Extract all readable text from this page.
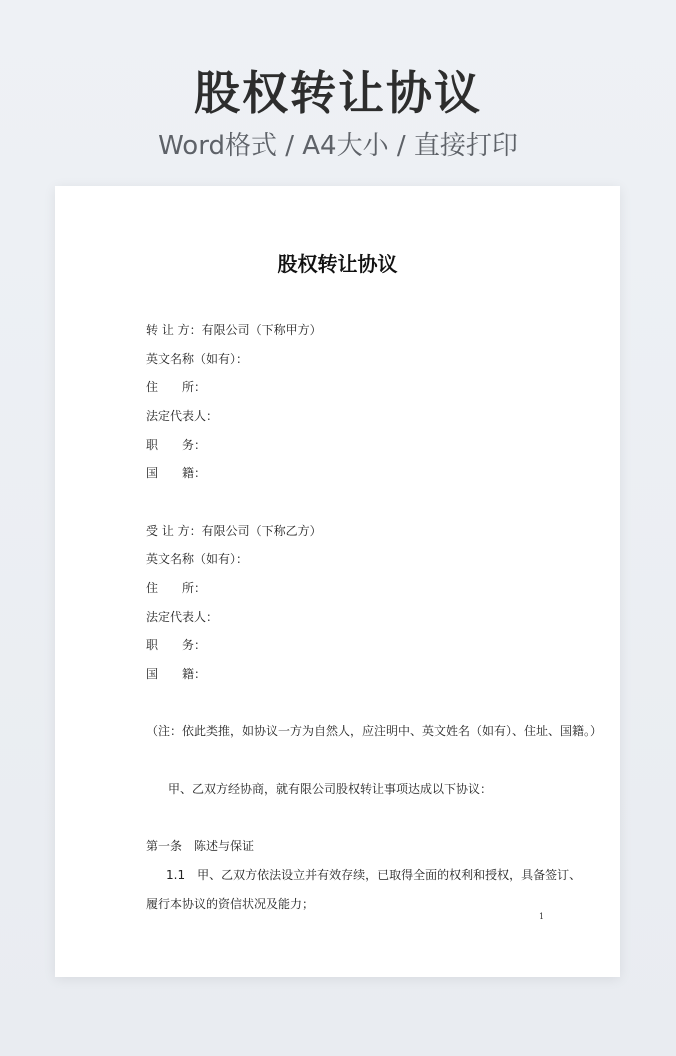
股权转让协议
Word格式 / A4大小 / 直接打印
股权转让协议
转 让 方：有限公司（下称甲方）
英文名称（如有）：
住　　所：
法定代表人：
职　　务：
国　　籍：
受 让 方：有限公司（下称乙方）
英文名称（如有）：
住　　所：
法定代表人：
职　　务：
国　　籍：
（注：依此类推，如协议一方为自然人，应注明中、英文姓名（如有）、住址、国籍。）
甲、乙双方经协商，就有限公司股权转让事项达成以下协议：
第一条　陈述与保证
1.1　甲、乙双方依法设立并有效存续，已取得全面的权利和授权，具备签订、
履行本协议的资信状况及能力；
1
